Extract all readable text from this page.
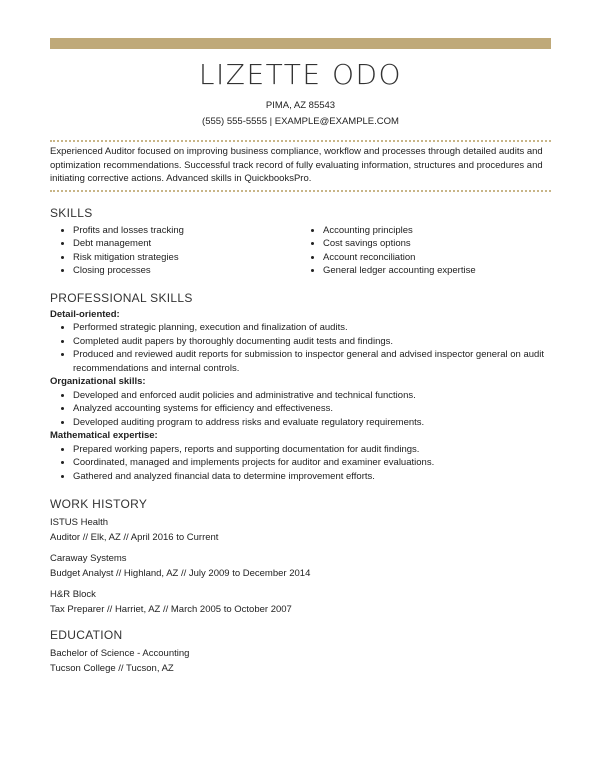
LIZETTE ODO
PIMA, AZ 85543
(555) 555-5555 | EXAMPLE@EXAMPLE.COM
Experienced Auditor focused on improving business compliance, workflow and processes through detailed audits and optimization recommendations. Successful track record of fully evaluating information, structures and procedures and initiating corrective actions. Advanced skills in QuickbooksPro.
SKILLS
• Profits and losses tracking
• Debt management
• Risk mitigation strategies
• Closing processes
• Accounting principles
• Cost savings options
• Account reconciliation
• General ledger accounting expertise
PROFESSIONAL SKILLS
Detail-oriented:
• Performed strategic planning, execution and finalization of audits.
• Completed audit papers by thoroughly documenting audit tests and findings.
• Produced and reviewed audit reports for submission to inspector general and advised inspector general on audit recommendations and internal controls.
Organizational skills:
• Developed and enforced audit policies and administrative and technical functions.
• Analyzed accounting systems for efficiency and effectiveness.
• Developed auditing program to address risks and evaluate regulatory requirements.
Mathematical expertise:
• Prepared working papers, reports and supporting documentation for audit findings.
• Coordinated, managed and implements projects for auditor and examiner evaluations.
• Gathered and analyzed financial data to determine improvement efforts.
WORK HISTORY
ISTUS Health
Auditor // Elk, AZ // April 2016 to Current
Caraway Systems
Budget Analyst // Highland, AZ // July 2009 to December 2014
H&R Block
Tax Preparer // Harriet, AZ // March 2005 to October 2007
EDUCATION
Bachelor of Science - Accounting
Tucson College // Tucson, AZ
